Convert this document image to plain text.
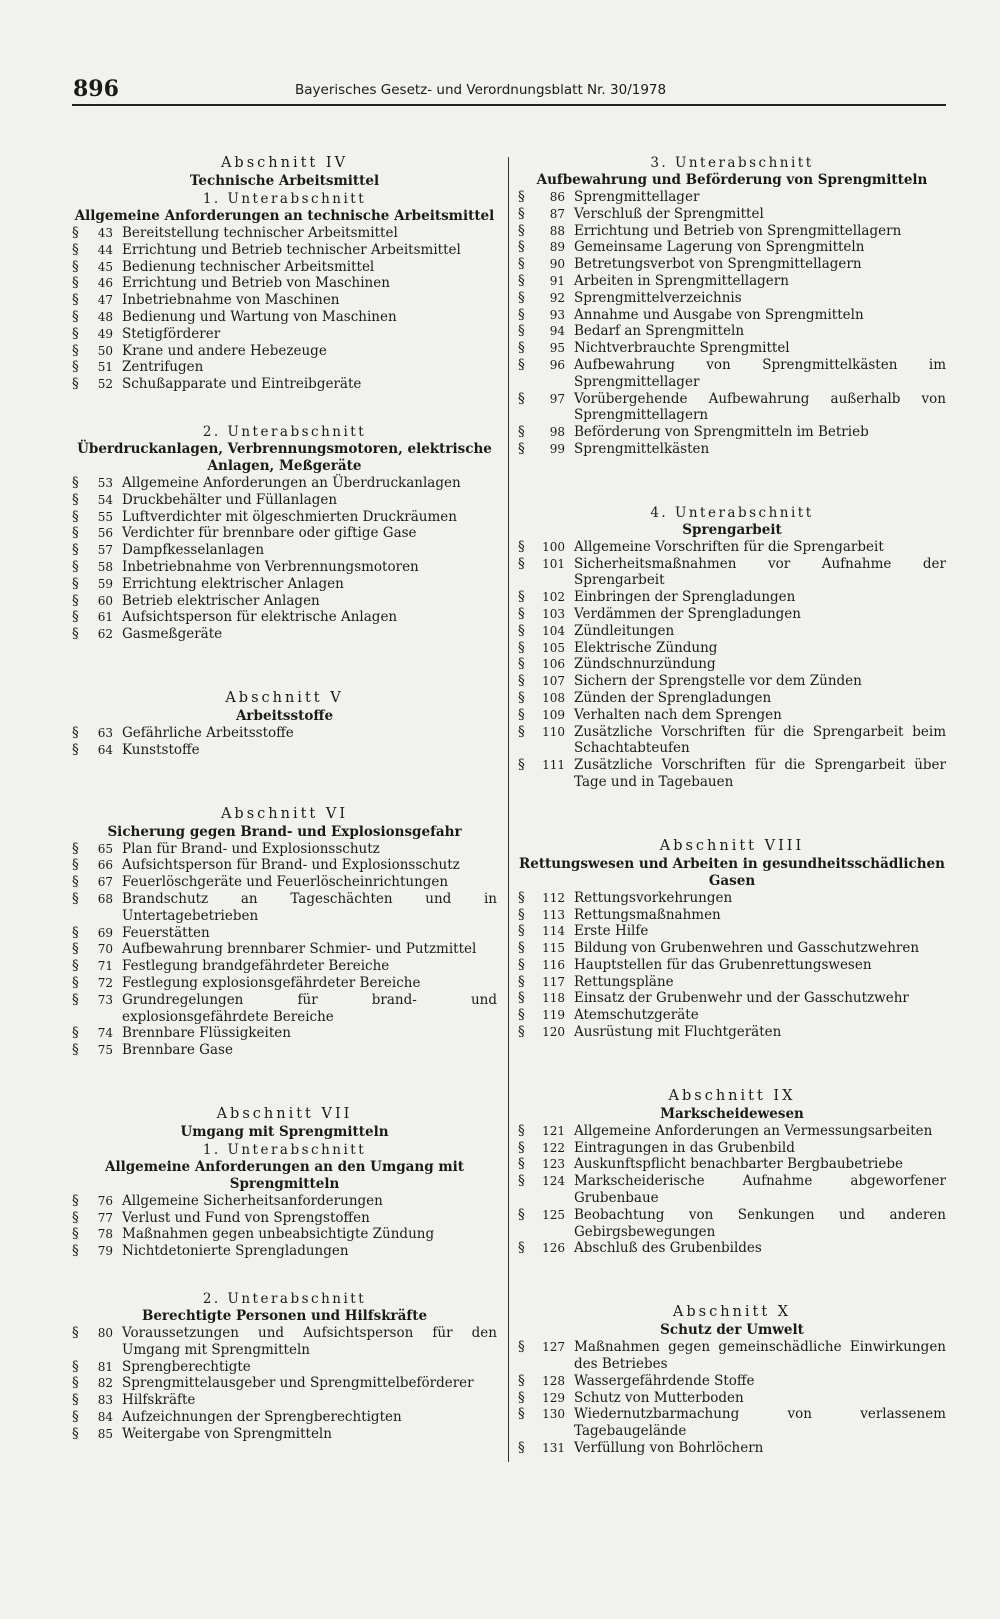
896	Bayerisches Gesetz- und Verordnungsblatt Nr. 30/1978
Abschnitt IV
Technische Arbeitsmittel
1. Unterabschnitt
Allgemeine Anforderungen an technische Arbeitsmittel
§	43 Bereitstellung technischer Arbeitsmittel
§	44 Errichtung und Betrieb technischer Arbeitsmittel
§	45 Bedienung technischer Arbeitsmittel
§	46 Errichtung und Betrieb von Maschinen
§	47 Inbetriebnahme von Maschinen
§	48 Bedienung und Wartung von Maschinen
§	49 Stetigförderer
§	50 Krane und andere Hebezeuge
§	51 Zentrifugen
§	52 Schußapparate und Eintreibgeräte
2. Unterabschnitt
Überdruckanlagen, Verbrennungsmotoren, elektrische Anlagen, Meßgeräte
§	53 Allgemeine Anforderungen an Überdruckanlagen
§	54 Druckbehälter und Füllanlagen
§	55 Luftverdichter mit ölgeschmierten Druckräumen
§	56 Verdichter für brennbare oder giftige Gase
§	57 Dampfkesselanlagen
§	58 Inbetriebnahme von Verbrennungsmotoren
§	59 Errichtung elektrischer Anlagen
§	60 Betrieb elektrischer Anlagen
§	61 Aufsichtsperson für elektrische Anlagen
§	62 Gasmeßgeräte
Abschnitt V
Arbeitsstoffe
§	63 Gefährliche Arbeitsstoffe
§	64 Kunststoffe
Abschnitt VI
Sicherung gegen Brand- und Explosionsgefahr
§	65 Plan für Brand- und Explosionsschutz
§	66 Aufsichtsperson für Brand- und Explosionsschutz
§	67 Feuerlöschgeräte und Feuerlöscheinrichtungen
§	68 Brandschutz an Tageschächten und in Untertagebetrieben
§	69 Feuerstätten
§	70 Aufbewahrung brennbarer Schmier- und Putzmittel
§	71 Festlegung brandgefährdeter Bereiche
§	72 Festlegung explosionsgefährdeter Bereiche
§	73 Grundregelungen für brand- und explosionsgefährdete Bereiche
§	74 Brennbare Flüssigkeiten
§	75 Brennbare Gase
Abschnitt VII
Umgang mit Sprengmitteln
1. Unterabschnitt
Allgemeine Anforderungen an den Umgang mit Sprengmitteln
§	76 Allgemeine Sicherheitsanforderungen
§	77 Verlust und Fund von Sprengstoffen
§	78 Maßnahmen gegen unbeabsichtigte Zündung
§	79 Nichtdetonierte Sprengladungen
2. Unterabschnitt
Berechtigte Personen und Hilfskräfte
§	80 Voraussetzungen und Aufsichtsperson für den Umgang mit Sprengmitteln
§	81 Sprengberechtigte
§	82 Sprengmittelausgeber und Sprengmittelbeförderer
§	83 Hilfskräfte
§	84 Aufzeichnungen der Sprengberechtigten
§	85 Weitergabe von Sprengmitteln
3. Unterabschnitt
Aufbewahrung und Beförderung von Sprengmitteln
§	86 Sprengmittellager
§	87 Verschluß der Sprengmittel
§	88 Errichtung und Betrieb von Sprengmittellagern
§	89 Gemeinsame Lagerung von Sprengmitteln
§	90 Betretungsverbot von Sprengmittellagern
§	91 Arbeiten in Sprengmittellagern
§	92 Sprengmittelverzeichnis
§	93 Annahme und Ausgabe von Sprengmitteln
§	94 Bedarf an Sprengmitteln
§	95 Nichtverbrauchte Sprengmittel
§	96 Aufbewahrung von Sprengmittelkästen im Sprengmittellager
§	97 Vorübergehende Aufbewahrung außerhalb von Sprengmittellagern
§	98 Beförderung von Sprengmitteln im Betrieb
§	99 Sprengmittelkästen
4. Unterabschnitt
Sprengarbeit
§	100 Allgemeine Vorschriften für die Sprengarbeit
§	101 Sicherheitsmaßnahmen vor Aufnahme der Sprengarbeit
§	102 Einbringen der Sprengladungen
§	103 Verdämmen der Sprengladungen
§	104 Zündleitungen
§	105 Elektrische Zündung
§	106 Zündschnurzündung
§	107 Sichern der Sprengstelle vor dem Zünden
§	108 Zünden der Sprengladungen
§	109 Verhalten nach dem Sprengen
§	110 Zusätzliche Vorschriften für die Sprengarbeit beim Schachtabteufen
§	111 Zusätzliche Vorschriften für die Sprengarbeit über Tage und in Tagebauen
Abschnitt VIII
Rettungswesen und Arbeiten in gesundheitsschädlichen Gasen
§	112 Rettungsvorkehrungen
§	113 Rettungsmaßnahmen
§	114 Erste Hilfe
§	115 Bildung von Grubenwehren und Gasschutzwehren
§	116 Hauptstellen für das Grubenrettungswesen
§	117 Rettungspläne
§	118 Einsatz der Grubenwehr und der Gasschutzwehr
§	119 Atemschutzgeräte
§	120 Ausrüstung mit Fluchtgeräten
Abschnitt IX
Markscheidewesen
§	121 Allgemeine Anforderungen an Vermessungsarbeiten
§	122 Eintragungen in das Grubenbild
§	123 Auskunftspflicht benachbarter Bergbaubetriebe
§	124 Markscheiderische Aufnahme abgeworfener Grubenbaue
§	125 Beobachtung von Senkungen und anderen Gebirgsbewegungen
§	126 Abschluß des Grubenbildes
Abschnitt X
Schutz der Umwelt
§	127 Maßnahmen gegen gemeinschädliche Einwirkungen des Betriebes
§	128 Wassergefährdende Stoffe
§	129 Schutz von Mutterboden
§	130 Wiedernutzbarmachung von verlassenem Tagebaugelände
§	131 Verfüllung von Bohrlöchern
